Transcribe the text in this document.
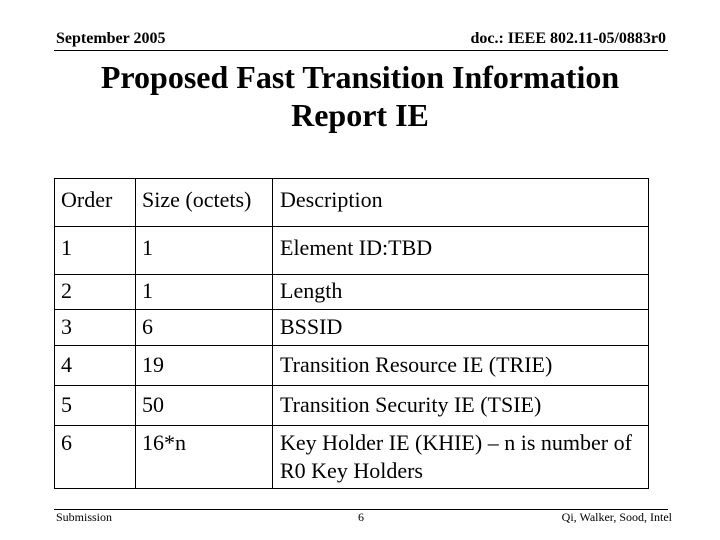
September 2005	doc.: IEEE 802.11-05/0883r0
Proposed Fast Transition Information
Report IE
Order	Size (octets)	Description
1	1	Element ID:TBD
2	1	Length
3	6	BSSID
4	19	Transition Resource IE (TRIE)
5	50	Transition Security IE (TSIE)
6	16*n	Key Holder IE (KHIE) – n is number of R0 Key Holders
Submission	6	Qi, Walker, Sood, Intel
